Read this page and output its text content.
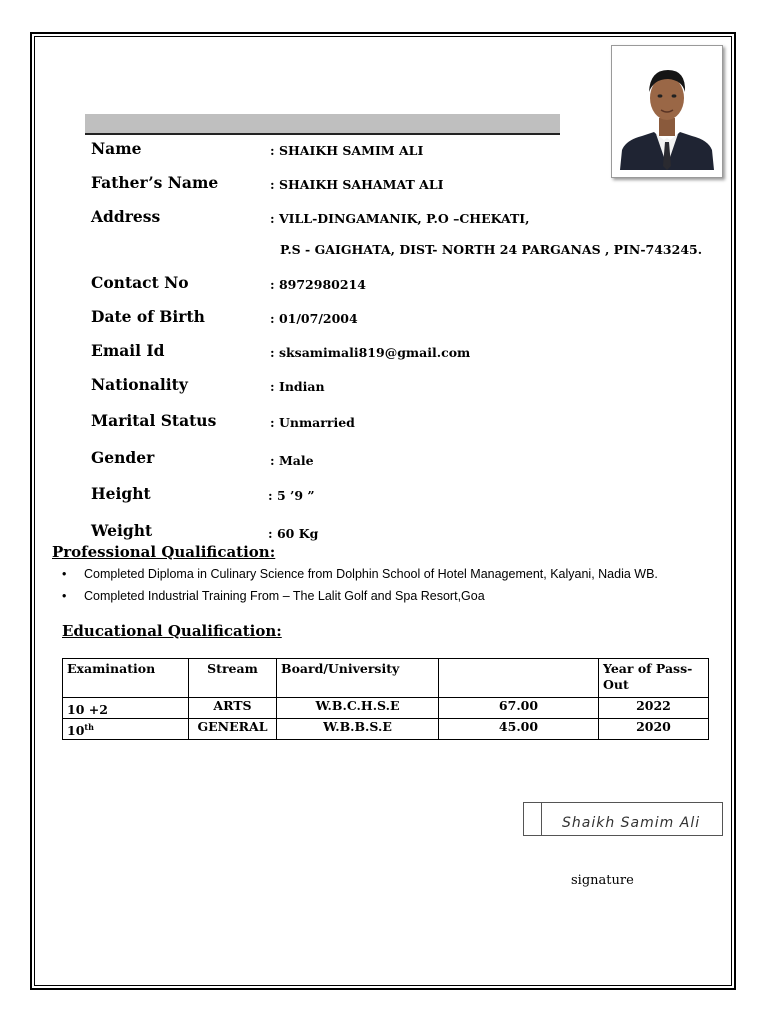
Name	: SHAIKH SAMIM ALI
Father’s Name	: SHAIKH SAHAMAT ALI
Address	: VILL-DINGAMANIK, P.O –CHEKATI,
P.S - GAIGHATA, DIST- NORTH 24 PARGANAS , PIN-743245.
Contact No	: 8972980214
Date of Birth	: 01/07/2004
Email Id	: sksamimali819@gmail.com
Nationality	: Indian
Marital Status	: Unmarried
Gender	: Male
Height	: 5 ’9 ”
Weight	: 60 Kg
Professional Qualification:
• Completed Diploma in Culinary Science from Dolphin School of Hotel Management, Kalyani, Nadia WB.
• Completed Industrial Training From – The Lalit Golf and Spa Resort,Goa
Educational Qualification:
Examination	Stream	Board/University		Year of Pass-Out
10 +2	ARTS	W.B.C.H.S.E	67.00	2022
10th	GENERAL	W.B.B.S.E	45.00	2020
Shaikh Samim Ali
signature
